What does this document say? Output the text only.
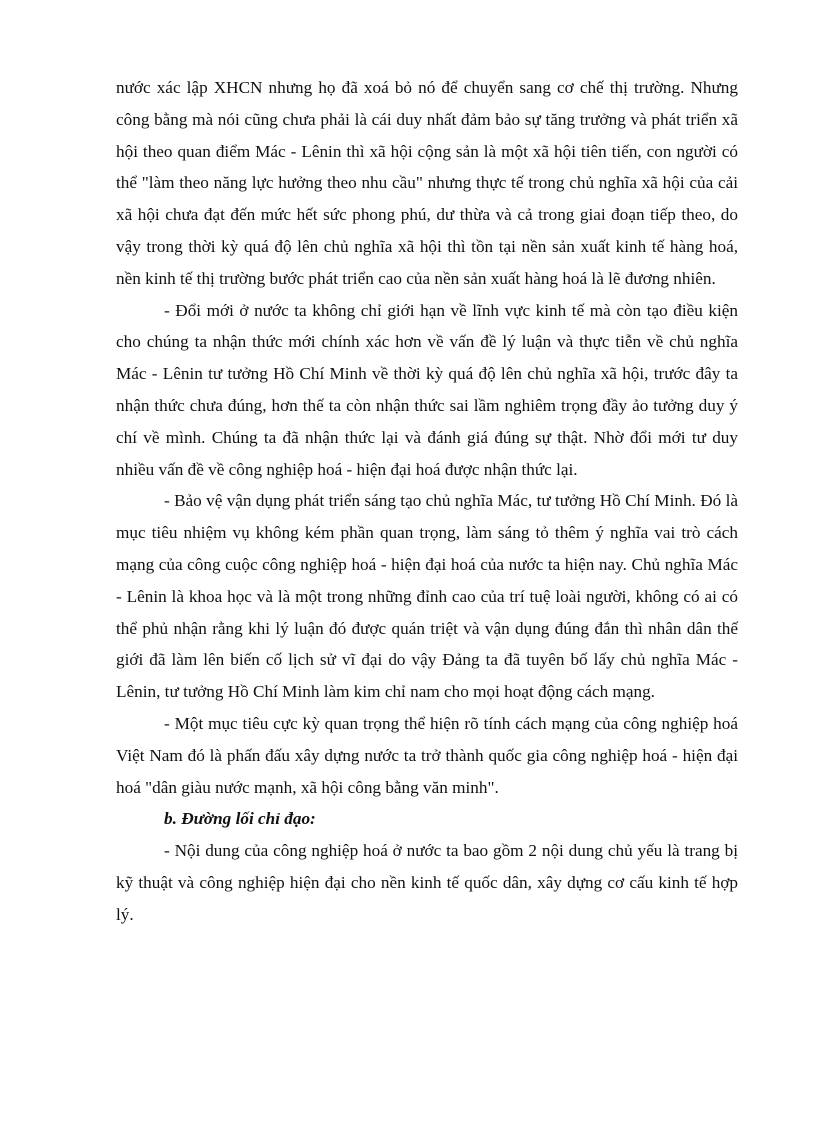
nước xác lập XHCN nhưng họ đã xoá bỏ nó để chuyển sang cơ chế thị trường. Nhưng công bằng mà nói cũng chưa phải là cái duy nhất đảm bảo sự tăng trưởng và phát triển xã hội theo quan điểm Mác - Lênin thì xã hội cộng sản là một xã hội tiên tiến, con người có thể "làm theo năng lực hưởng theo nhu cầu" nhưng thực tế trong chủ nghĩa xã hội của cải xã hội chưa đạt đến mức hết sức phong phú, dư thừa và cả trong giai đoạn tiếp theo, do vậy trong thời kỳ quá độ lên chủ nghĩa xã hội thì tồn tại nền sản xuất kinh tế hàng hoá, nền kinh tế thị trường bước phát triển cao của nền sản xuất hàng hoá là lẽ đương nhiên.

- Đổi mới ở nước ta không chỉ giới hạn về lĩnh vực kinh tế mà còn tạo điều kiện cho chúng ta nhận thức mới chính xác hơn về vấn đề lý luận và thực tiễn về chủ nghĩa Mác - Lênin tư tưởng Hồ Chí Minh về thời kỳ quá độ lên chủ nghĩa xã hội, trước đây ta nhận thức chưa đúng, hơn thế ta còn nhận thức sai lầm nghiêm trọng đầy ảo tưởng duy ý chí về mình. Chúng ta đã nhận thức lại và đánh giá đúng sự thật. Nhờ đổi mới tư duy nhiều vấn đề về công nghiệp hoá - hiện đại hoá được nhận thức lại.

- Bảo vệ vận dụng phát triển sáng tạo chủ nghĩa Mác, tư tưởng Hồ Chí Minh. Đó là mục tiêu nhiệm vụ không kém phần quan trọng, làm sáng tỏ thêm ý nghĩa vai trò cách mạng của công cuộc công nghiệp hoá - hiện đại hoá của nước ta hiện nay. Chủ nghĩa Mác - Lênin là khoa học và là một trong những đỉnh cao của trí tuệ loài người, không có ai có thể phủ nhận rằng khi lý luận đó được quán triệt và vận dụng đúng đắn thì nhân dân thế giới đã làm lên biến cố lịch sử vĩ đại do vậy Đảng ta đã tuyên bố lấy chủ nghĩa Mác - Lênin, tư tưởng Hồ Chí Minh làm kim chỉ nam cho mọi hoạt động cách mạng.

- Một mục tiêu cực kỳ quan trọng thể hiện rõ tính cách mạng của công nghiệp hoá Việt Nam đó là phấn đấu xây dựng nước ta trở thành quốc gia công nghiệp hoá - hiện đại hoá "dân giàu nước mạnh, xã hội công bằng văn minh".

b. Đường lối chỉ đạo:

- Nội dung của công nghiệp hoá ở nước ta bao gồm 2 nội dung chủ yếu là trang bị kỹ thuật và công nghiệp hiện đại cho nền kinh tế quốc dân, xây dựng cơ cấu kinh tế hợp lý.
